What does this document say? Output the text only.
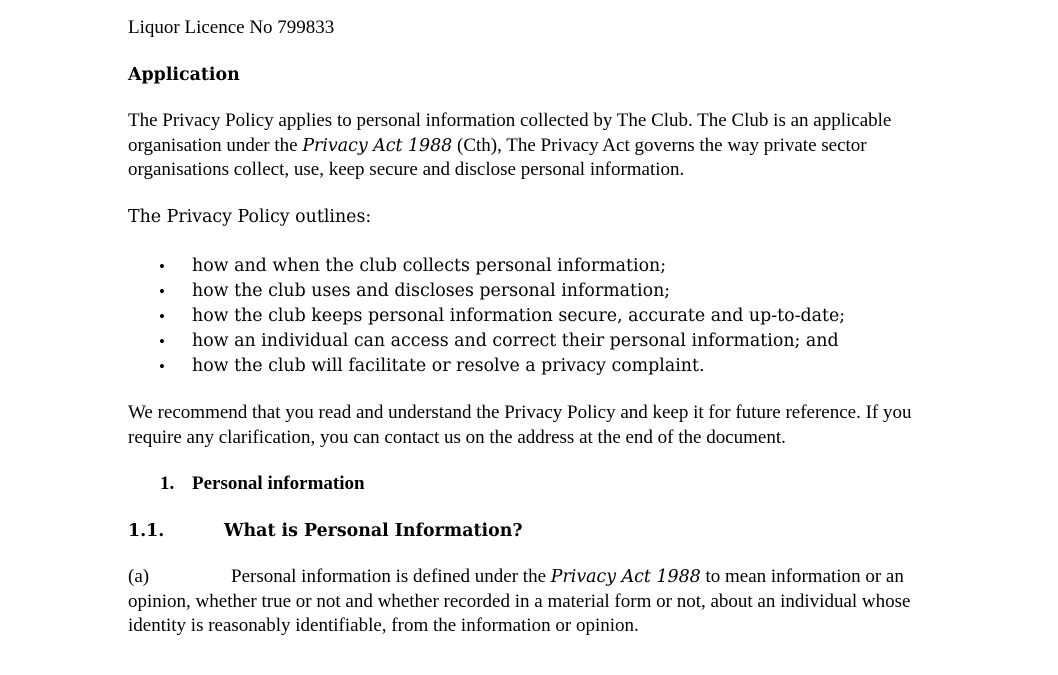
Liquor Licence No 799833

Application

The Privacy Policy applies to personal information collected by The Club. The Club is an applicable organisation under the Privacy Act 1988 (Cth), The Privacy Act governs the way private sector organisations collect, use, keep secure and disclose personal information.

The Privacy Policy outlines:

• how and when the club collects personal information;
• how the club uses and discloses personal information;
• how the club keeps personal information secure, accurate and up-to-date;
• how an individual can access and correct their personal information; and
• how the club will facilitate or resolve a privacy complaint.

We recommend that you read and understand the Privacy Policy and keep it for future reference. If you require any clarification, you can contact us on the address at the end of the document.

1. Personal information

1.1.	What is Personal Information?

(a)	Personal information is defined under the Privacy Act 1988 to mean information or an opinion, whether true or not and whether recorded in a material form or not, about an individual whose identity is reasonably identifiable, from the information or opinion.
